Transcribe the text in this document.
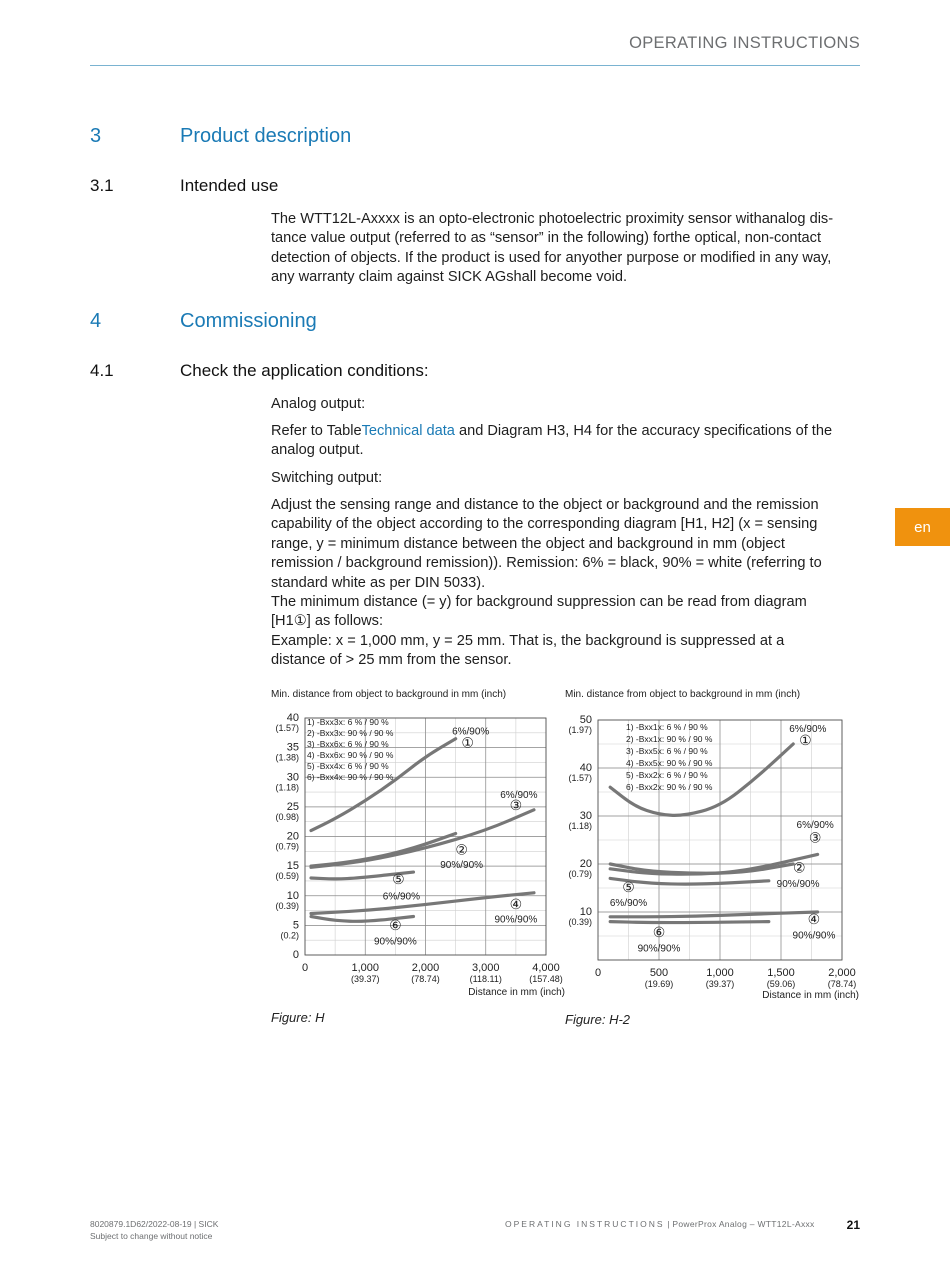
OPERATING INSTRUCTIONS
3	Product description
3.1	Intended use

The WTT12L-Axxxx is an opto-electronic photoelectric proximity sensor withanalog dis-

tance value output (referred to as “sensor” in the following) forthe optical, non-contact

detection of objects. If the product is used for anyother purpose or modified in any way,

any warranty claim against SICK AGshall become void.

4	Commissioning
4.1	Check the application conditions:
Analog output:

Refer to TableTechnical data and Diagram H3, H4 for the accuracy specifications of the

analog output.

Switching output:

Adjust the sensing range and distance to the object or background and the remission

capability of the object according to the corresponding diagram [H1, H2] (x = sensing

range, y = minimum distance between the object and background in mm (object

remission / background remission)). Remission: 6% = black, 90% = white (referring to

standard white as per DIN 5033).

The minimum distance (= y) for background suppression can be read from diagram

[H1①] as follows:

Example: x = 1,000 mm, y = 25 mm. That is, the background is suppressed at a

distance of > 25 mm from the sensor.

en
Min. distance from object to background in mm (inch)
0
5
(0.2)
10
(0.39)
15
(0.59)
20
(0.79)
25
(0.98)
30
(1.18)
35
(1.38)
40
(1.57)
0	1,000
(39.37)
2,000
(78.74)
3,000
(118.11)
4,000
(157.48)
Distance in mm (inch)
1) -Bxx3x: 6 % / 90 %
2) -Bxx3x: 90 % / 90 %
3) -Bxx6x: 6 % / 90 %
4) -Bxx6x: 90 % / 90 %
5) -Bxx4x: 6 % / 90 %
6) -Bxx4x: 90 % / 90 %
6%/90%
①
6%/90%
③
②
90%/90%
⑤
6%/90%	④
90%/90%
⑥
90%/90%
Min. distance from object to background in mm (inch)
10
(0.39)
20
(0.79)
30
(1.18)
40
(1.57)
50
(1.97)
0	500
(19.69)
1,000
(39.37)
1,500
(59.06)
2,000
(78.74)
Distance in mm (inch)
1) -Bxx1x: 6 % / 90 %
2) -Bxx1x: 90 % / 90 %
3) -Bxx5x: 6 % / 90 %
4) -Bxx5x: 90 % / 90 %
5) -Bxx2x: 6 % / 90 %
6) -Bxx2x: 90 % / 90 %
6%/90%
①
6%/90%
③
②
90%/90%
⑤
6%/90%
④
90%/90%
⑥
90%/90%
Figure: H	Figure: H-2
8020879.1D62/2022-08-19 | SICK
Subject to change without notice
OPERATING INSTRUCTIONS | PowerProx Analog – WTT12L-Axxx	21
